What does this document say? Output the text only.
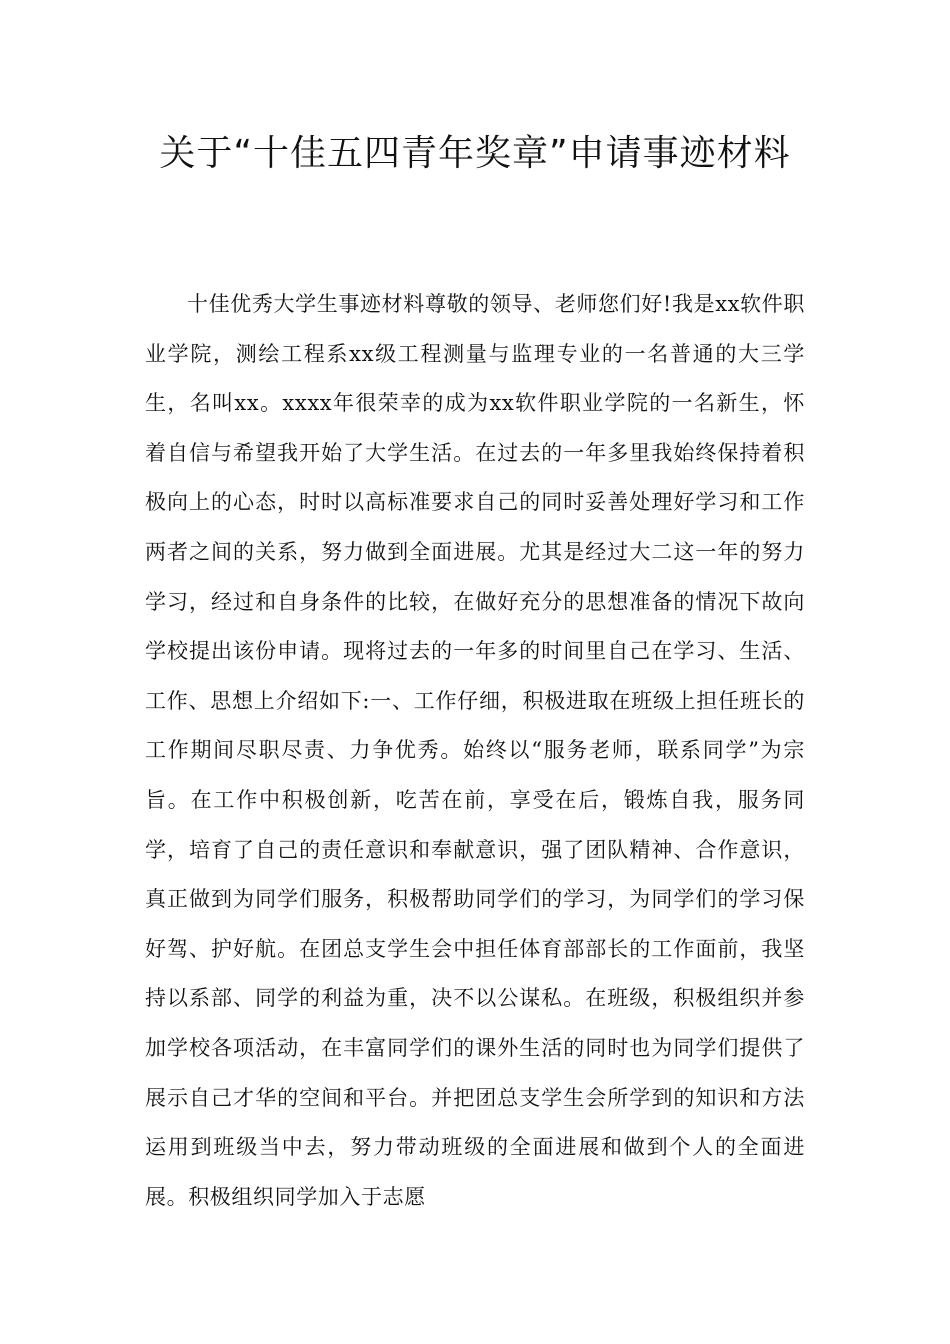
关于“十佳五四青年奖章”申请事迹材料

十佳优秀大学生事迹材料尊敬的领导、老师您们好!我是xx软件职业学院，测绘工程系xx级工程测量与监理专业的一名普通的大三学生，名叫xx。xxxx年很荣幸的成为xx软件职业学院的一名新生，怀着自信与希望我开始了大学生活。在过去的一年多里我始终保持着积极向上的心态，时时以高标准要求自己的同时妥善处理好学习和工作两者之间的关系，努力做到全面进展。尤其是经过大二这一年的努力学习，经过和自身条件的比较，在做好充分的思想准备的情况下故向学校提出该份申请。现将过去的一年多的时间里自己在学习、生活、工作、思想上介绍如下:一、工作仔细，积极进取在班级上担任班长的工作期间尽职尽责、力争优秀。始终以“服务老师，联系同学”为宗旨。在工作中积极创新，吃苦在前，享受在后，锻炼自我，服务同学，培育了自己的责任意识和奉献意识，强了团队精神、合作意识，真正做到为同学们服务，积极帮助同学们的学习，为同学们的学习保好驾、护好航。在团总支学生会中担任体育部部长的工作面前，我坚持以系部、同学的利益为重，决不以公谋私。在班级，积极组织并参加学校各项活动，在丰富同学们的课外生活的同时也为同学们提供了展示自己才华的空间和平台。并把团总支学生会所学到的知识和方法运用到班级当中去，努力带动班级的全面进展和做到个人的全面进展。积极组织同学加入于志愿
